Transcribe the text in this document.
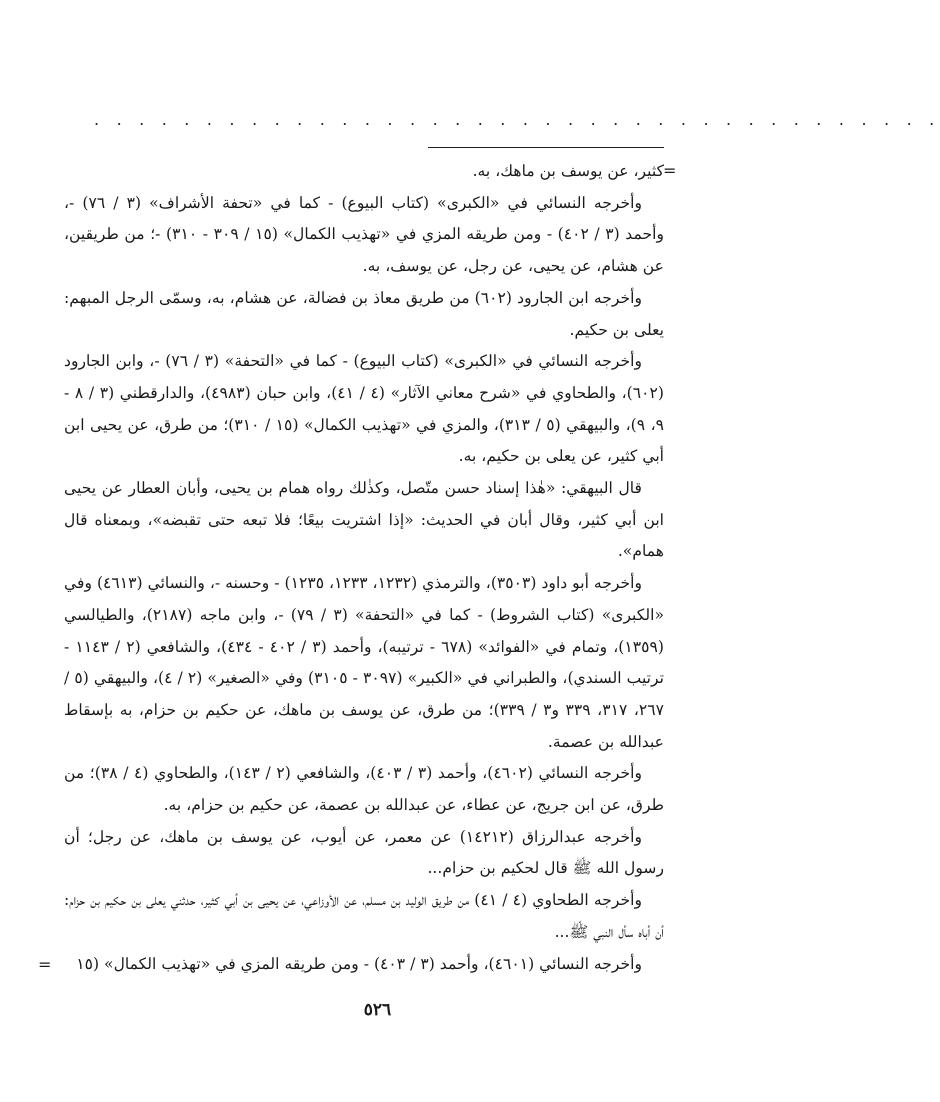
. . . . . . . . . . . . . . . . . . . . . . . . . . . . . . . . . . . . . .
=

كثير، عن يوسف بن ماهك، به.

وأخرجه النسائي في «الكبرى» (كتاب البيوع) - كما في «تحفة الأشراف» (٣ / ٧٦) -، وأحمد (٣ / ٤٠٢) - ومن طريقه المزي في «تهذيب الكمال» (١٥ / ٣٠٩ - ٣١٠) -؛ من طريقين، عن هشام، عن يحيى، عن رجل، عن يوسف، به.

وأخرجه ابن الجارود (٦٠٢) من طريق معاذ بن فضالة، عن هشام، به، وسمّى الرجل المبهم: يعلى بن حكيم.

وأخرجه النسائي في «الكبرى» (كتاب البيوع) - كما في «التحفة» (٣ / ٧٦) -، وابن الجارود (٦٠٢)، والطحاوي في «شرح معاني الآثار» (٤ / ٤١)، وابن حبان (٤٩٨٣)، والدارقطني (٣ / ٨ - ٩، ٩)، والبيهقي (٥ / ٣١٣)، والمزي في «تهذيب الكمال» (١٥ / ٣١٠)؛ من طرق، عن يحيى ابن أبي كثير، عن يعلى بن حكيم، به.

قال البيهقي: «هٰذا إسناد حسن متّصل، وكذٰلك رواه همام بن يحيى، وأبان العطار عن يحيى ابن أبي كثير، وقال أبان في الحديث: «إذا اشتريت بيعًا؛ فلا تبعه حتى تقبضه»، وبمعناه قال همام».

وأخرجه أبو داود (٣٥٠٣)، والترمذي (١٢٣٢، ١٢٣٣، ١٢٣٥) - وحسنه -، والنسائي (٤٦١٣) وفي «الكبرى» (كتاب الشروط) - كما في «التحفة» (٣ / ٧٩) -، وابن ماجه (٢١٨٧)، والطيالسي (١٣٥٩)، وتمام في «الفوائد» (٦٧٨ - ترتيبه)، وأحمد (٣ / ٤٠٢ - ٤٣٤)، والشافعي (٢ / ١١٤٣ - ترتيب السندي)، والطبراني في «الكبير» (٣٠٩٧ - ٣١٠٥) وفي «الصغير» (٢ / ٤)، والبيهقي (٥ / ٢٦٧، ٣١٧، ٣٣٩ و٣ / ٣٣٩)؛ من طرق، عن يوسف بن ماهك، عن حكيم بن حزام، به بإسقاط عبدالله بن عصمة.

وأخرجه النسائي (٤٦٠٢)، وأحمد (٣ / ٤٠٣)، والشافعي (٢ / ١٤٣)، والطحاوي (٤ / ٣٨)؛ من طرق، عن ابن جريج، عن عطاء، عن عبدالله بن عصمة، عن حكيم بن حزام، به.

وأخرجه عبدالرزاق (١٤٢١٢) عن معمر، عن أيوب، عن يوسف بن ماهك، عن رجل؛ أن رسول الله ﷺ قال لحكيم بن حزام...

وأخرجه الطحاوي (٤ / ٤١) من طريق الوليد بن مسلم، عن الأوزاعي، عن يحيى بن أبي كثير، حدثني يعلى بن حكيم بن حزام: أن أباه سأل النبي ﷺ...

وأخرجه النسائي (٤٦٠١)، وأحمد (٣ / ٤٠٣) - ومن طريقه المزي في «تهذيب الكمال» (١٥

=
٥٢٦
